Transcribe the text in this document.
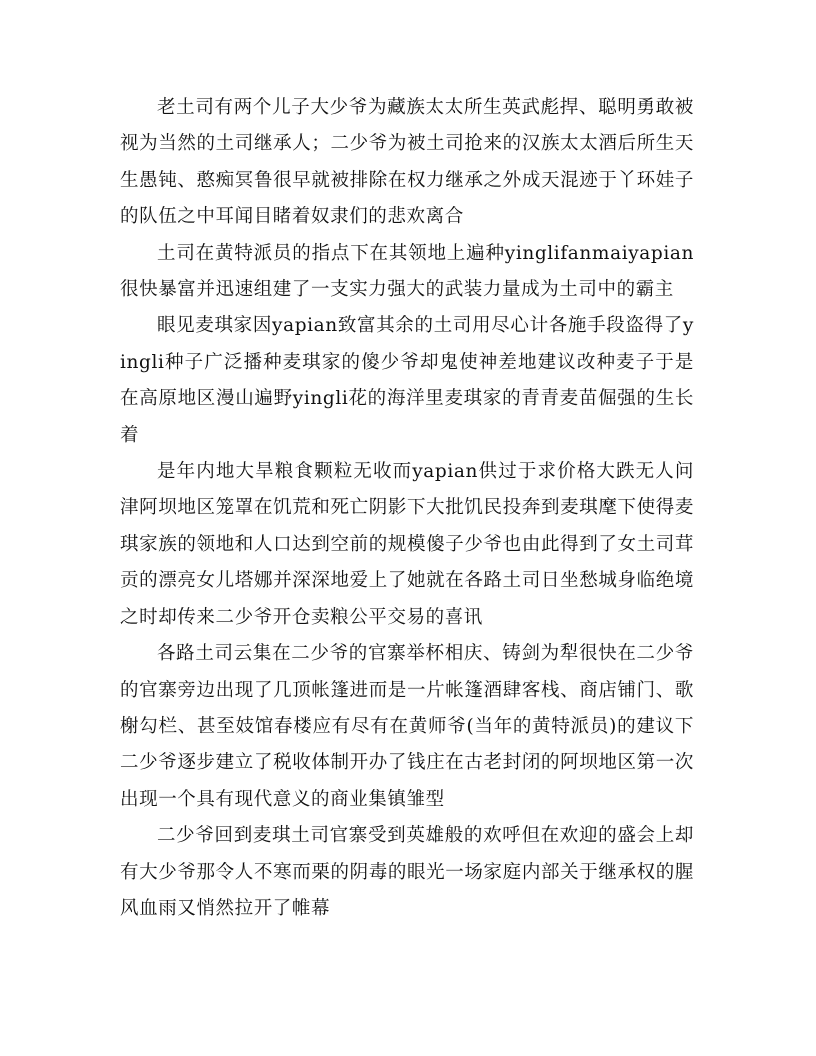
老土司有两个儿子大少爷为藏族太太所生英武彪捍、聪明勇敢被视为当然的土司继承人；二少爷为被土司抢来的汉族太太酒后所生天生愚钝、憨痴冥鲁很早就被排除在权力继承之外成天混迹于丫环娃子的队伍之中耳闻目睹着奴隶们的悲欢离合

土司在黄特派员的指点下在其领地上遍种yinglifanmaiyapian很快暴富并迅速组建了一支实力强大的武装力量成为土司中的霸主

眼见麦琪家因yapian致富其余的土司用尽心计各施手段盗得了yingli种子广泛播种麦琪家的傻少爷却鬼使神差地建议改种麦子于是在高原地区漫山遍野yingli花的海洋里麦琪家的青青麦苗倔强的生长着

是年内地大旱粮食颗粒无收而yapian供过于求价格大跌无人问津阿坝地区笼罩在饥荒和死亡阴影下大批饥民投奔到麦琪麾下使得麦琪家族的领地和人口达到空前的规模傻子少爷也由此得到了女土司茸贡的漂亮女儿塔娜并深深地爱上了她就在各路土司日坐愁城身临绝境之时却传来二少爷开仓卖粮公平交易的喜讯

各路土司云集在二少爷的官寨举杯相庆、铸剑为犁很快在二少爷的官寨旁边出现了几顶帐篷进而是一片帐篷酒肆客栈、商店铺门、歌榭勾栏、甚至妓馆春楼应有尽有在黄师爷(当年的黄特派员)的建议下二少爷逐步建立了税收体制开办了钱庄在古老封闭的阿坝地区第一次出现一个具有现代意义的商业集镇雏型

二少爷回到麦琪土司官寨受到英雄般的欢呼但在欢迎的盛会上却有大少爷那令人不寒而栗的阴毒的眼光一场家庭内部关于继承权的腥风血雨又悄然拉开了帷幕
